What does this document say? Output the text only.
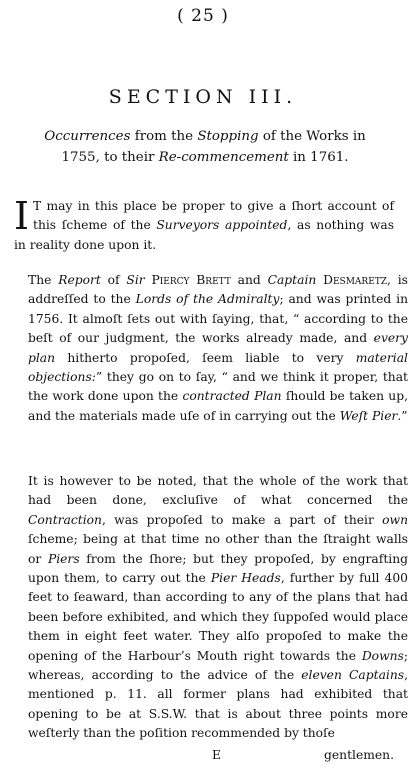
( 25 )
SECTION III.
Occurrences from the Stopping of the Works in 1755, to their Re-commencement in 1761.
I T may in this place be proper to give a ſhort account of this ſcheme of the Surveyors appointed, as nothing was in reality done upon it.
The Report of Sir Piercy Brett and Captain Desmaretz, is addreſſed to the Lords of the Admiralty; and was printed in 1756. It almoſt ſets out with ſaying, that, “ according to the beſt of our judgment, the works already made, and every plan hitherto propoſed, ſeem liable to very material objections:” they go on to ſay, “ and we think it proper, that the work done upon the contracted Plan ſhould be taken up, and the materials made uſe of in carrying out the Weſt Pier.”
It is however to be noted, that the whole of the work that had been done, excluſive of what concerned the Contraction, was propoſed to make a part of their own ſcheme; being at that time no other than the ſtraight walls or Piers from the ſhore; but they propoſed, by engrafting upon them, to carry out the Pier Heads, further by full 400 feet to ſeaward, than according to any of the plans that had been before exhibited, and which they ſuppoſed would place them in eight feet water. They alſo propoſed to make the opening of the Harbour’s Mouth right towards the Downs; whereas, according to the advice of the eleven Captains, mentioned p. 11. all former plans had exhibited that opening to be at S.S.W. that is about three points more weſterly than the poſition recommended by thoſe
E	gentlemen.
